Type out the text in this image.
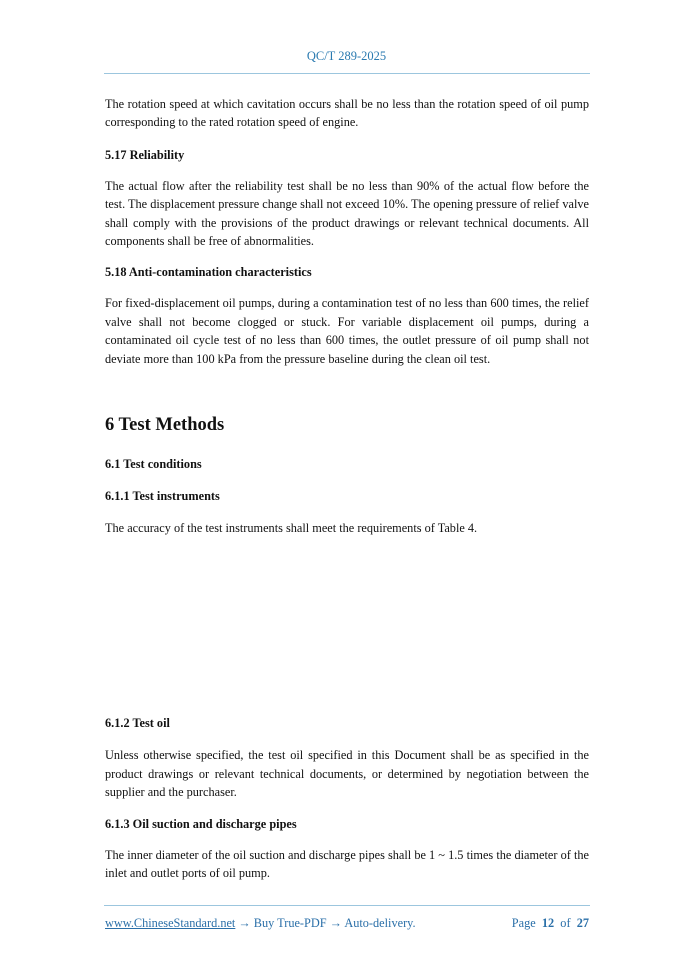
QC/T 289-2025

The rotation speed at which cavitation occurs shall be no less than the rotation speed of oil pump corresponding to the rated rotation speed of engine.

5.17 Reliability

The actual flow after the reliability test shall be no less than 90% of the actual flow before the test. The displacement pressure change shall not exceed 10%. The opening pressure of relief valve shall comply with the provisions of the product drawings or relevant technical documents. All components shall be free of abnormalities.

5.18 Anti-contamination characteristics

For fixed-displacement oil pumps, during a contamination test of no less than 600 times, the relief valve shall not become clogged or stuck. For variable displacement oil pumps, during a contaminated oil cycle test of no less than 600 times, the outlet pressure of oil pump shall not deviate more than 100 kPa from the pressure baseline during the clean oil test.

6 Test Methods
6.1 Test conditions
6.1.1 Test instruments

The accuracy of the test instruments shall meet the requirements of Table 4.

6.1.2 Test oil

Unless otherwise specified, the test oil specified in this Document shall be as specified in the product drawings or relevant technical documents, or determined by negotiation between the supplier and the purchaser.

6.1.3 Oil suction and discharge pipes

The inner diameter of the oil suction and discharge pipes shall be 1 ~ 1.5 times the diameter of the inlet and outlet ports of oil pump.

www.ChineseStandard.net → Buy True-PDF → Auto-delivery.	Page 12 of 27
